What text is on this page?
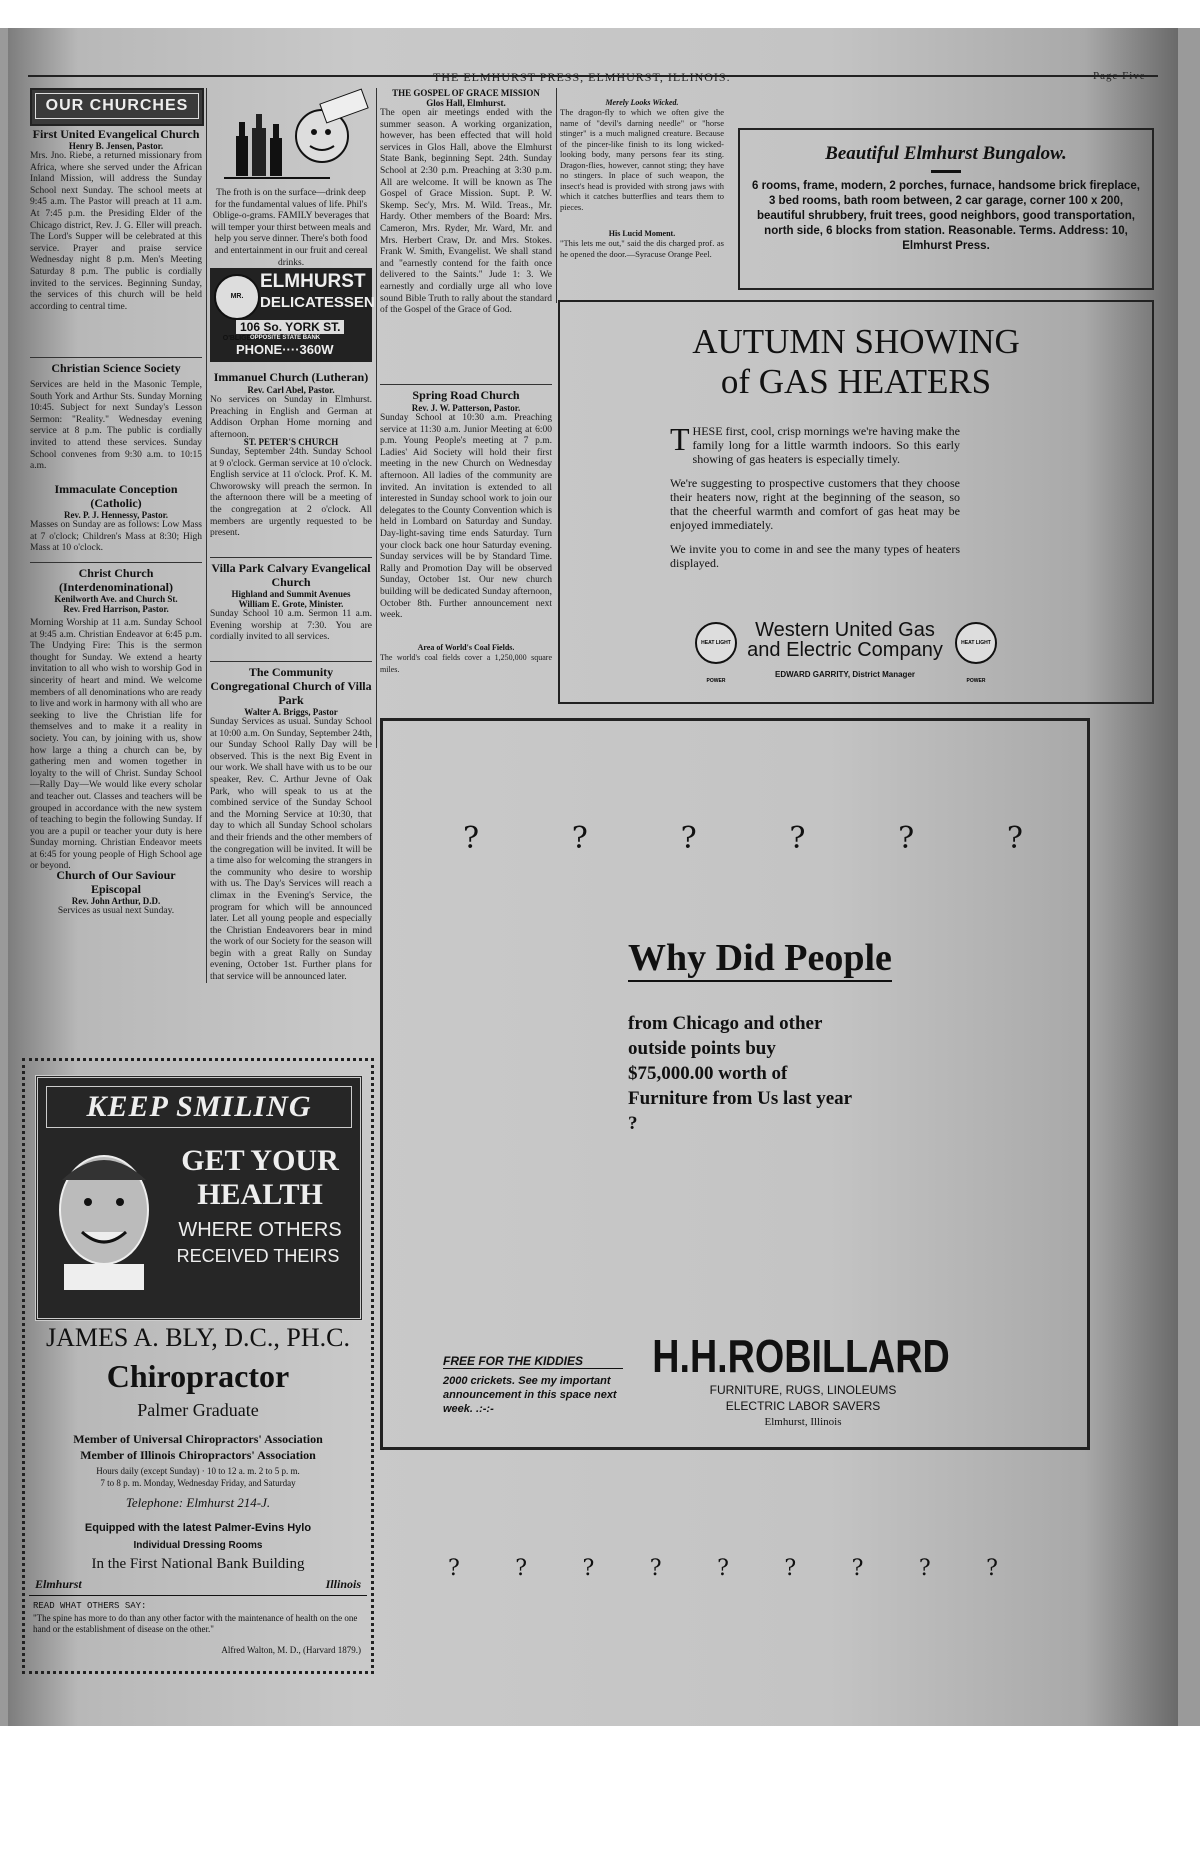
THE ELMHURST PRESS, ELMHURST, ILLINOIS.	Page Five
OUR CHURCHES
First United Evangelical Church
Henry B. Jensen, Pastor.
Mrs. Jno. Riebe, a returned missionary from Africa, where she served under the African Inland Mission, will address the Sunday School next Sunday. The school meets at 9:45 a.m. The Pastor will preach at 11 a.m. At 7:45 p.m. the Presiding Elder of the Chicago district, Rev. J. G. Eller will preach. The Lord's Supper will be celebrated at this service. Prayer and praise service Wednesday night 8 p.m. Men's Meeting Saturday 8 p.m. The public is cordially invited to the services. Beginning Sunday, the services of this church will be held according to central time.
Christian Science Society
Services are held in the Masonic Temple, South York and Arthur Sts. Sunday Morning 10:45. Subject for next Sunday's Lesson Sermon: "Reality." Wednesday evening service at 8 p.m. The public is cordially invited to attend these services. Sunday School convenes from 9:30 a.m. to 10:15 a.m.
Immaculate Conception (Catholic)
Rev. P. J. Hennessy, Pastor.
Masses on Sunday are as follows: Low Mass at 7 o'clock; Children's Mass at 8:30; High Mass at 10 o'clock.
Christ Church (Interdenominational)
Kenilworth Ave. and Church St.
Rev. Fred Harrison, Pastor.
Morning Worship at 11 a.m. Sunday School at 9:45 a.m. Christian Endeavor at 6:45 p.m. The Undying Fire: This is the sermon thought for Sunday. We extend a hearty invitation to all who wish to worship God in sincerity of heart and mind. We welcome members of all denominations who are ready to live and work in harmony with all who are seeking to live the Christian life for themselves and to make it a reality in society. You can, by joining with us, show how large a thing a church can be, by gathering men and women together in loyalty to the will of Christ. Sunday School—Rally Day—We would like every scholar and teacher out. Classes and teachers will be grouped in accordance with the new system of teaching to begin the following Sunday. If you are a pupil or teacher your duty is here Sunday morning. Christian Endeavor meets at 6:45 for young people of High School age or beyond.
Church of Our Saviour Episcopal
Rev. John Arthur, D.D.
Services as usual next Sunday.
The froth is on the surface—drink deep for the fundamental values of life. Phil's Oblige-o-grams. FAMILY beverages that will temper your thirst between meals and help you serve dinner. There's both food and entertainment in our fruit and cereal drinks.
MR. O'BLIGE
ELMHURST
DELICATESSEN
106 So. YORK ST.
OPPOSITE STATE BANK
PHONE····360W
Immanuel Church (Lutheran)
Rev. Carl Abel, Pastor.
No services on Sunday in Elmhurst. Preaching in English and German at Addison Orphan Home morning and afternoon.
ST. PETER'S CHURCH
Sunday, September 24th. Sunday School at 9 o'clock. German service at 10 o'clock. English service at 11 o'clock. Prof. K. M. Chworowsky will preach the sermon. In the afternoon there will be a meeting of the congregation at 2 o'clock. All members are urgently requested to be present.
Villa Park Calvary Evangelical Church
Highland and Summit Avenues
William E. Grote, Minister.
Sunday School 10 a.m. Sermon 11 a.m. Evening worship at 7:30. You are cordially invited to all services.
The Community Congregational Church of Villa Park
Walter A. Briggs, Pastor
Sunday Services as usual. Sunday School at 10:00 a.m. On Sunday, September 24th, our Sunday School Rally Day will be observed. This is the next Big Event in our work. We shall have with us to be our speaker, Rev. C. Arthur Jevne of Oak Park, who will speak to us at the combined service of the Sunday School and the Morning Service at 10:30, that day to which all Sunday School scholars and their friends and the other members of the congregation will be invited. It will be a time also for welcoming the strangers in the community who desire to worship with us. The Day's Services will reach a climax in the Evening's Service, the program for which will be announced later. Let all young people and especially the Christian Endeavorers bear in mind the work of our Society for the season will begin with a great Rally on Sunday evening, October 1st. Further plans for that service will be announced later.
THE GOSPEL OF GRACE MISSION
Glos Hall, Elmhurst.
The open air meetings ended with the summer season. A working organization, however, has been effected that will hold services in Glos Hall, above the Elmhurst State Bank, beginning Sept. 24th. Sunday School at 2:30 p.m. Preaching at 3:30 p.m. All are welcome. It will be known as The Gospel of Grace Mission. Supt. P. W. Skemp. Sec'y, Mrs. M. Wild. Treas., Mr. Hardy. Other members of the Board: Mrs. Cameron, Mrs. Ryder, Mr. Ward, Mr. and Mrs. Herbert Craw, Dr. and Mrs. Stokes. Frank W. Smith, Evangelist. We shall stand and "earnestly contend for the faith once delivered to the Saints." Jude 1: 3. We earnestly and cordially urge all who love sound Bible Truth to rally about the standard of the Gospel of the Grace of God.
Spring Road Church
Rev. J. W. Patterson, Pastor.
Sunday School at 10:30 a.m. Preaching service at 11:30 a.m. Junior Meeting at 6:00 p.m. Young People's meeting at 7 p.m. Ladies' Aid Society will hold their first meeting in the new Church on Wednesday afternoon. All ladies of the community are invited. An invitation is extended to all interested in Sunday school work to join our delegates to the County Convention which is held in Lombard on Saturday and Sunday. Day-light-saving time ends Saturday. Turn your clock back one hour Saturday evening. Sunday services will be by Standard Time. Rally and Promotion Day will be observed Sunday, October 1st. Our new church building will be dedicated Sunday afternoon, October 8th. Further announcement next week.
Area of World's Coal Fields.
The world's coal fields cover a 1,250,000 square miles.
Merely Looks Wicked.
The dragon-fly to which we often give the name of "devil's darning needle" or "horse stinger" is a much maligned creature. Because of the pincer-like finish to its long wicked-looking body, many persons fear its sting. Dragon-flies, however, cannot sting; they have no stingers. In place of such weapon, the insect's head is provided with strong jaws with which it catches butterflies and tears them to pieces.
His Lucid Moment.
"This lets me out," said the dis charged prof. as he opened the door.—Syracuse Orange Peel.
Beautiful Elmhurst Bungalow.
6 rooms, frame, modern, 2 porches, furnace, handsome brick fireplace, 3 bed rooms, bath room between, 2 car garage, corner 100 x 200, beautiful shrubbery, fruit trees, good neighbors, good transportation, north side, 6 blocks from station. Reasonable. Terms. Address: 10, Elmhurst Press.
AUTUMN SHOWING
of GAS HEATERS
T HESE first, cool, crisp mornings we're having make the family long for a little warmth indoors. So this early showing of gas heaters is especially timely.
We're suggesting to prospective customers that they choose their heaters now, right at the beginning of the season, so that the cheerful warmth and comfort of gas heat may be enjoyed immediately.
We invite you to come in and see the many types of heaters displayed.
HEAT LIGHT POWER
HEAT LIGHT POWER
Western United Gas
and Electric Company
EDWARD GARRITY, District Manager
?	?	?	?	?	?
Why Did People
from Chicago and other outside points buy $75,000.00 worth of Furniture from Us last year ?
FREE FOR THE KIDDIES
2000 crickets. See my important announcement in this space next week. .:-:-
H.H.ROBILLARD
FURNITURE, RUGS, LINOLEUMS
ELECTRIC LABOR SAVERS
Elmhurst, Illinois
?	?	?	?	?	?	?	?	?
KEEP SMILING
GET YOUR
HEALTH
WHERE OTHERS
RECEIVED THEIRS
JAMES A. BLY, D.C., PH.C.
Chiropractor
Palmer Graduate
Member of Universal Chiropractors' Association
Member of Illinois Chiropractors' Association
Hours daily (except Sunday) · 10 to 12 a. m. 2 to 5 p. m.
7 to 8 p. m. Monday, Wednesday Friday, and Saturday
Telephone: Elmhurst 214-J.
Equipped with the latest Palmer-Evins Hylo
Individual Dressing Rooms
In the First National Bank Building
Elmhurst	Illinois
READ WHAT OTHERS SAY:
"The spine has more to do than any other factor with the maintenance of health on the one hand or the establishment of disease on the other."
Alfred Walton, M. D., (Harvard 1879.)
